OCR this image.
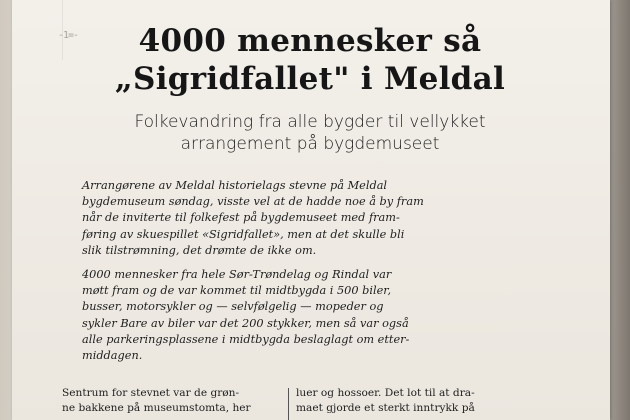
-1=-	4000 mennesker så
„Sigridfallet" i Meldal
Folkevandring fra alle bygder til vellykket
arrangement på bygdemuseet
Arrangørene av Meldal historielags stevne på Meldal
bygdemuseum søndag, visste vel at de hadde noe å by fram
når de inviterte til folkefest på bygdemuseet med fram-
føring av skuespillet «Sigridfallet», men at det skulle bli
slik tilstrømning, det drømte de ikke om.
4000 mennesker fra hele Sør-Trøndelag og Rindal var
møtt fram og de var kommet til midtbygda i 500 biler,
busser, motorsykler og — selvfølgelig — mopeder og
sykler Bare av biler var det 200 stykker, men så var også
alle parkeringsplassene i midtbygda beslaglagt om etter-
middagen.
Sentrum for stevnet var de grøn-
ne bakkene på museumstomta, her
luer og hossoer. Det lot til at dra-
maet gjorde et sterkt inntrykk på
